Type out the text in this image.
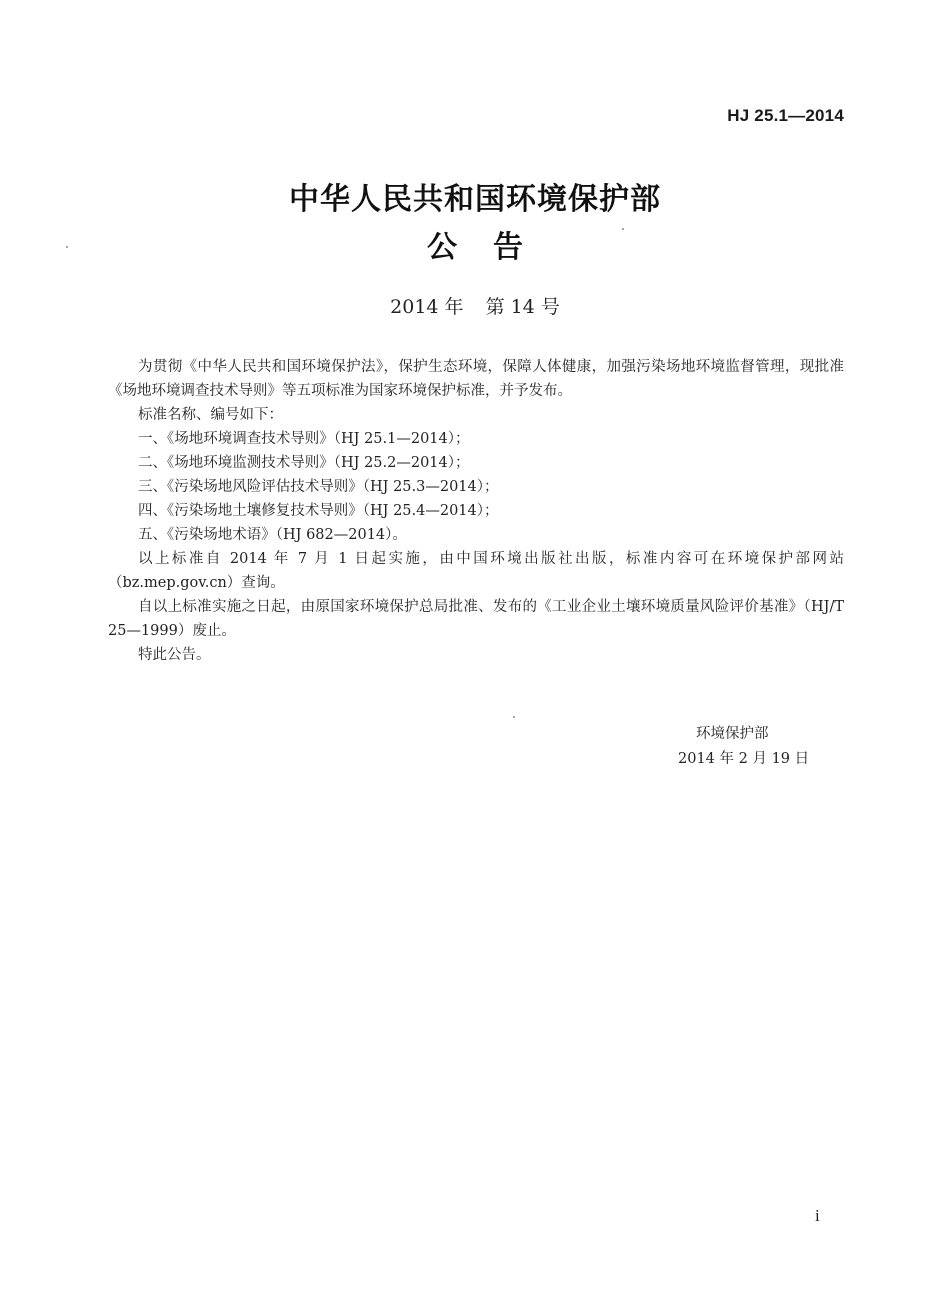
HJ 25.1—2014
中华人民共和国环境保护部
公告
2014 年 第 14 号

为贯彻《中华人民共和国环境保护法》，保护生态环境，保障人体健康，加强污染场地环境监督管理，现批准《场地环境调查技术导则》等五项标准为国家环境保护标准，并予发布。

标准名称、编号如下：

一、《场地环境调查技术导则》（HJ 25.1—2014）；
二、《场地环境监测技术导则》（HJ 25.2—2014）；
三、《污染场地风险评估技术导则》（HJ 25.3—2014）；
四、《污染场地土壤修复技术导则》（HJ 25.4—2014）；
五、《污染场地术语》（HJ 682—2014）。

以上标准自 2014 年 7 月 1 日起实施，由中国环境出版社出版，标准内容可在环境保护部网站（bz.mep.gov.cn）查询。

自以上标准实施之日起，由原国家环境保护总局批准、发布的《工业企业土壤环境质量风险评价基准》（HJ/T 25—1999）废止。

特此公告。

环境保护部
2014 年 2 月 19 日
i
